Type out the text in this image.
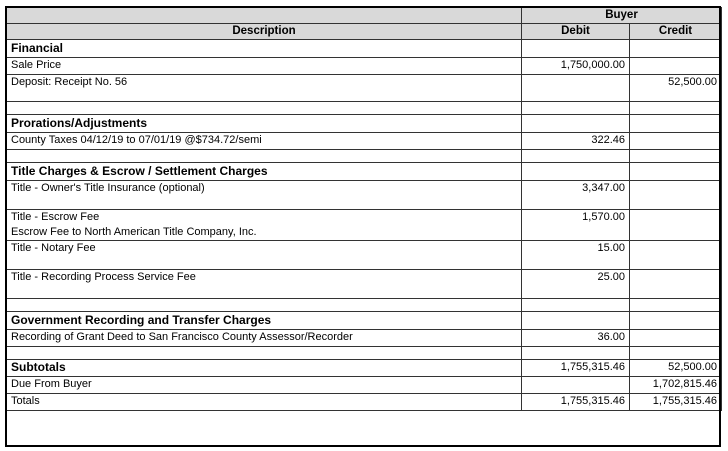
	Buyer	
Description	Debit	Credit
Financial		
Sale Price	1,750,000.00	
Deposit: Receipt No. 56		52,500.00

Prorations/Adjustments		
County Taxes 04/12/19 to 07/01/19 @$734.72/semi	322.46	

Title Charges & Escrow / Settlement Charges		
Title - Owner's Title Insurance (optional)	3,347.00	

Title - Escrow Fee
Escrow Fee to North American Title Company, Inc.	1,570.00	
Title - Notary Fee	15.00	
Title - Recording Process Service Fee	25.00	

Government Recording and Transfer Charges		
Recording of Grant Deed to San Francisco County Assessor/Recorder	36.00	

Subtotals	1,755,315.46	52,500.00
Due From Buyer		1,702,815.46
Totals	1,755,315.46	1,755,315.46
